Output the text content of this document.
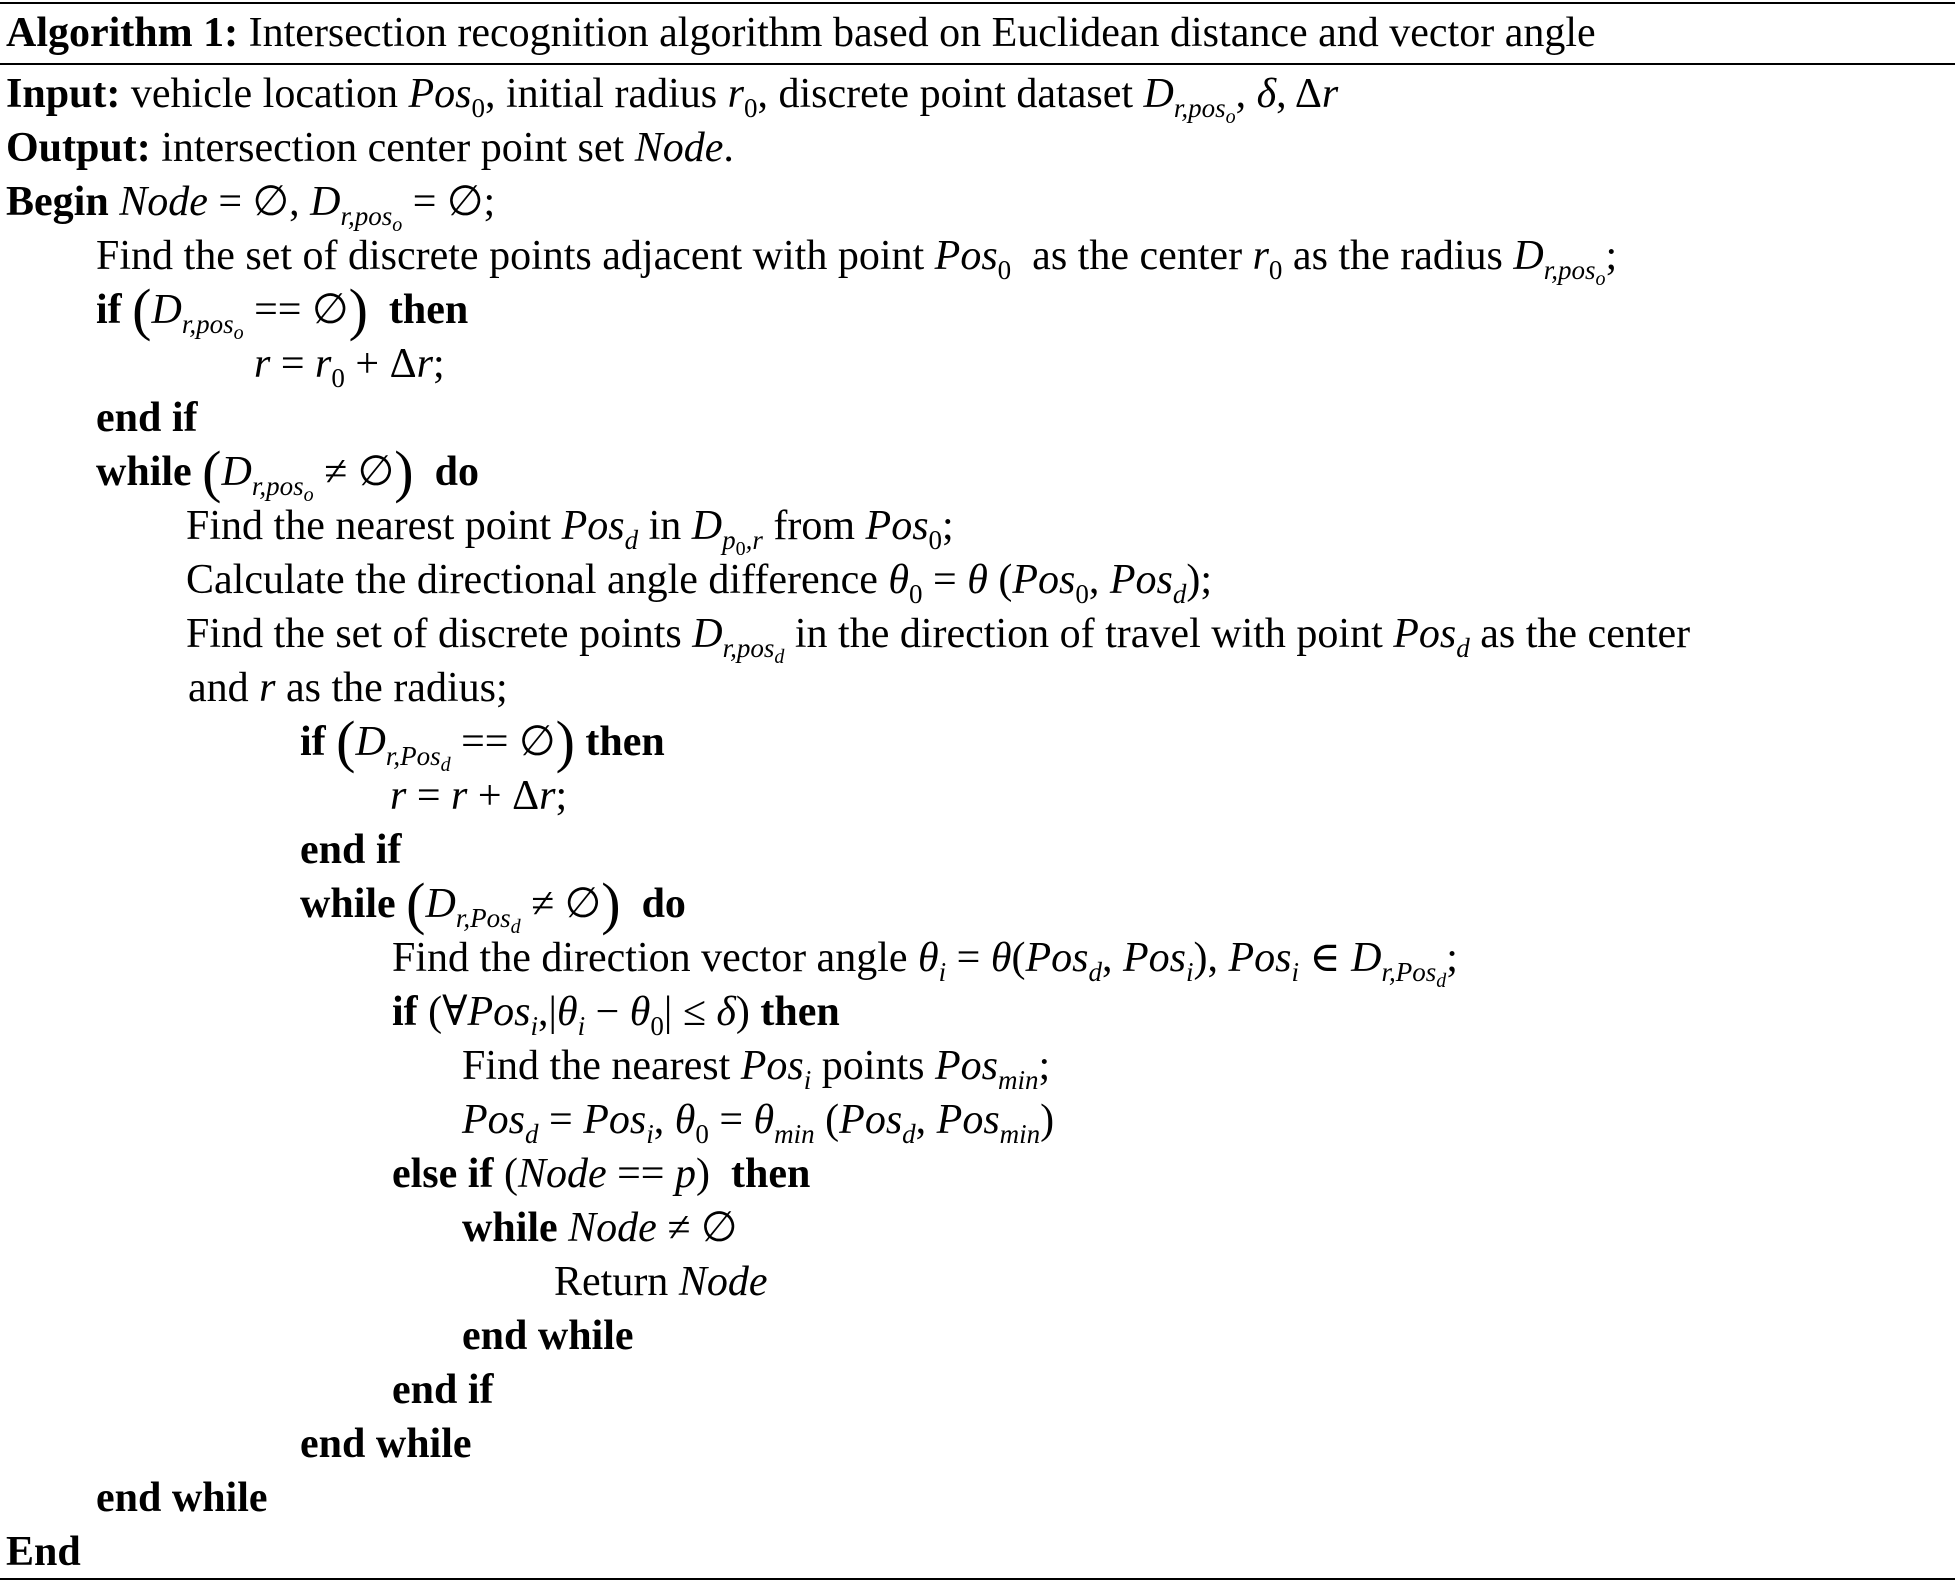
Algorithm 1: Intersection recognition algorithm based on Euclidean distance and vector angle
Input: vehicle location Pos$_0$, initial radius $r_0$, discrete point dataset $D_{r,pos_o}$, δ, Δr
Output: intersection center point set Node.
Begin Node = ∅, $D_{r,pos_o}$ = ∅;
Find the set of discrete points adjacent with point Pos$_0$ as the center $r_0$ as the radius $D_{r,pos_o}$;
if ($D_{r,pos_o}$ == ∅) then
$r = r_0 + \Delta r$;
end if
while ($D_{r,pos_o}$ ≠ ∅) do
Find the nearest point Pos$_d$ in $D_{p_0,r}$ from Pos$_0$;
Calculate the directional angle difference $\theta_0 = \theta$ (Pos$_0$, Pos$_d$);
Find the set of discrete points $D_{r,pos_d}$ in the direction of travel with point Pos$_d$ as the center
and r as the radius;
if ($D_{r,Pos_d}$ == ∅) then
r = r + Δr;
end if
while ($D_{r,Pos_d}$ ≠ ∅) do
Find the direction vector angle $\theta_i = \theta(Pos_d$, Pos$_i$), Pos$_i$ ∈ $D_{r,Pos_d}$;
if $(\forall Pos_i,|\theta_i - \theta_0| \le \delta)$ then
Find the nearest Pos$_i$ points Pos$_{min}$;
Pos$_d$ = Pos$_i$, $\theta_0 = \theta_{min}$ (Pos$_d$, Pos$_{min}$)
else if (Node == p)  then
while Node ≠ ∅
Return Node
end while
end if
end while
end while
End
